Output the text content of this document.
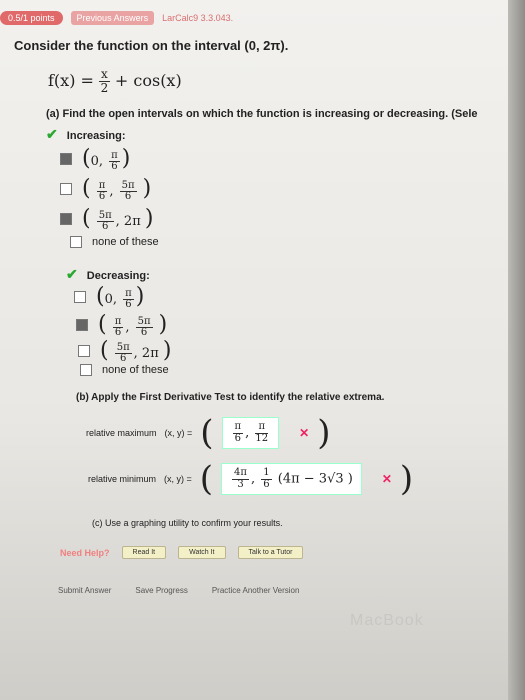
0.5/1 points	Previous Answers	LarCalc9 3.3.043.
Consider the function on the interval (0, 2π).
$f(x) = \frac{x}{2} + \cos(x)$
(a) Find the open intervals on which the function is increasing or decreasing. (Sele
✔ Increasing:
(0, $\frac{\pi}{6}$)
( $\frac{\pi}{6}$ , $\frac{5\pi}{6}$ )
( $\frac{5\pi}{6}$ , 2π )
none of these
✔ Decreasing:
(0, $\frac{\pi}{6}$)
( $\frac{\pi}{6}$ , $\frac{5\pi}{6}$ )
( $\frac{5\pi}{6}$ , 2π )
none of these
(b) Apply the First Derivative Test to identify the relative extrema.
relative maximum (x, y) = ( $\frac{\pi}{6}$ , $\frac{\pi}{12}$	✕ )
relative minimum (x, y) = ( $\frac{4\pi}{3}$ , $\frac{1}{6} (4\pi - 3√3$ ) ✕ )
(c) Use a graphing utility to confirm your results.
Need Help?	Read It	Watch It	Talk to a Tutor
Submit Answer	Save Progress	Practice Another Version
MacBook
